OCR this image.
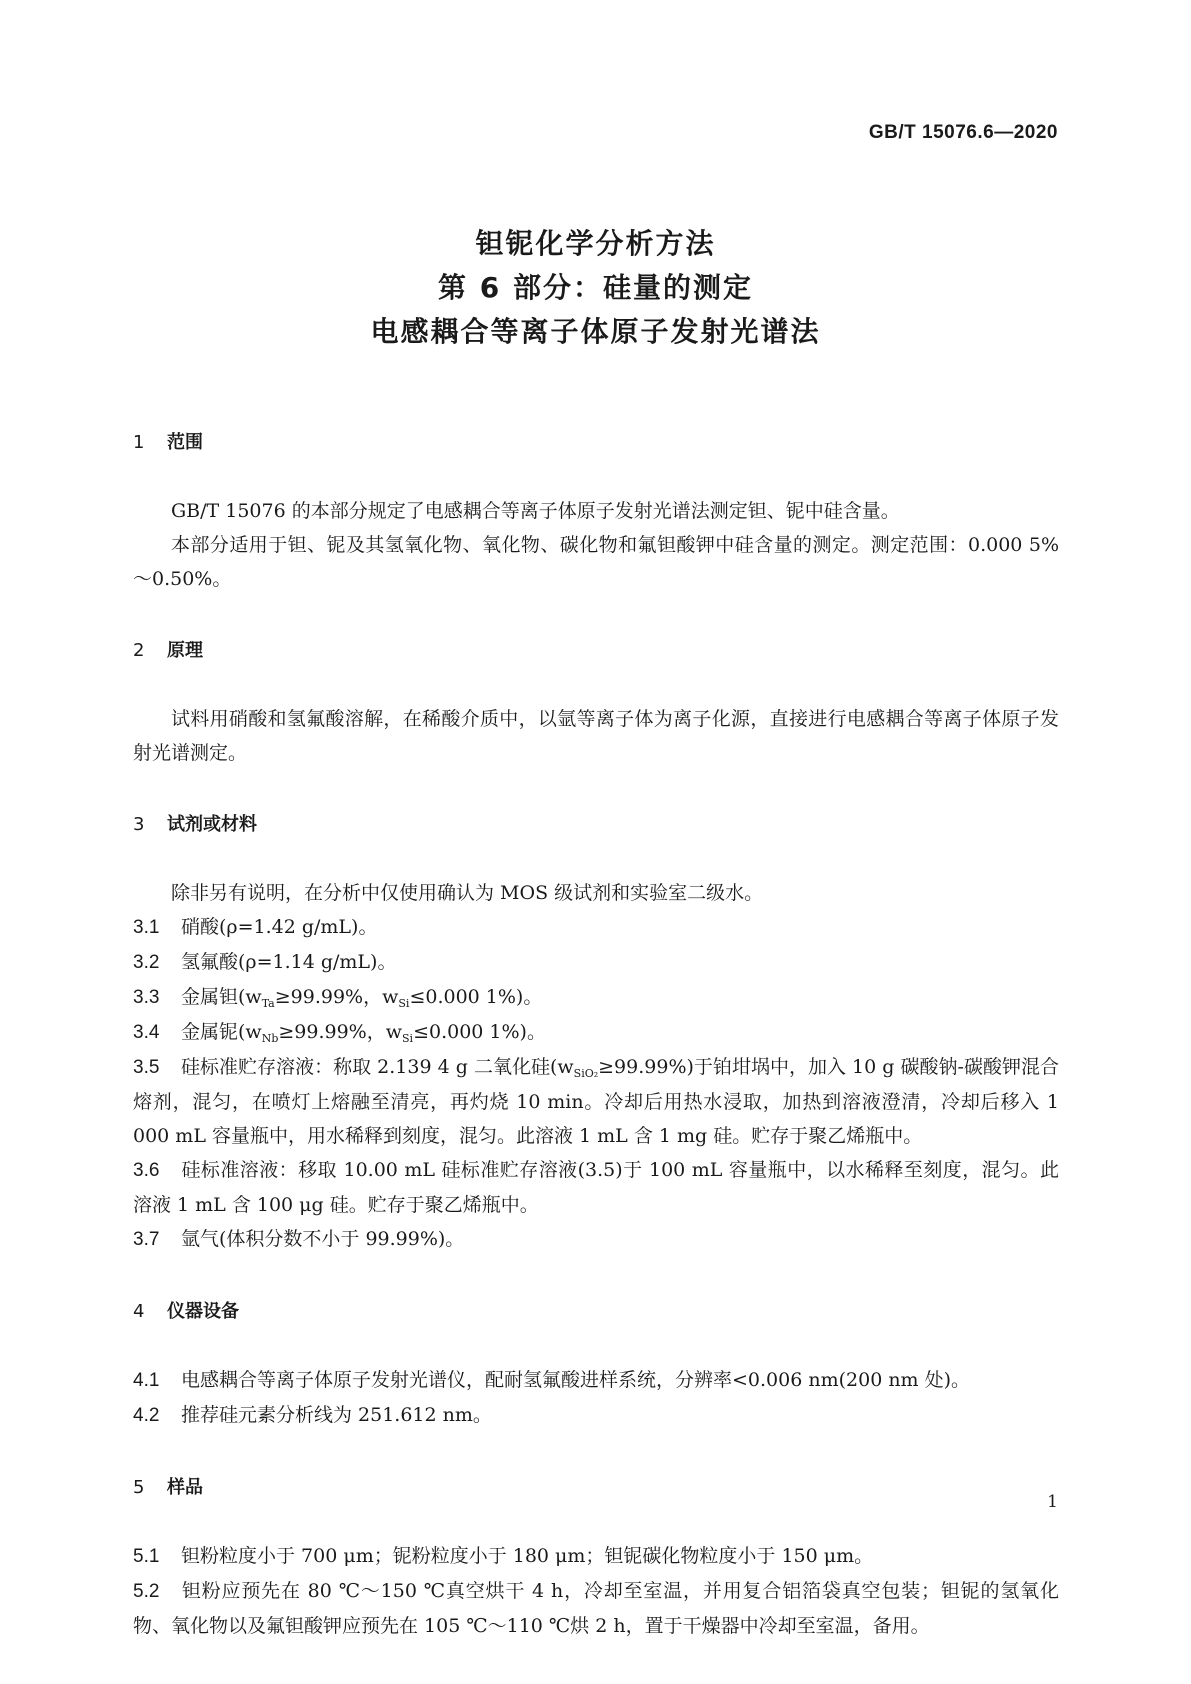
GB/T 15076.6—2020
钽铌化学分析方法
第 6 部分：硅量的测定
电感耦合等离子体原子发射光谱法
1 范围
GB/T 15076 的本部分规定了电感耦合等离子体原子发射光谱法测定钽、铌中硅含量。
本部分适用于钽、铌及其氢氧化物、氧化物、碳化物和氟钽酸钾中硅含量的测定。测定范围：0.000 5%～0.50%。
2 原理
试料用硝酸和氢氟酸溶解，在稀酸介质中，以氩等离子体为离子化源，直接进行电感耦合等离子体原子发射光谱测定。
3 试剂或材料
除非另有说明，在分析中仅使用确认为 MOS 级试剂和实验室二级水。
3.1 硝酸(ρ=1.42 g/mL)。
3.2 氢氟酸(ρ=1.14 g/mL)。
3.3 金属钽($w_{Ta}\ge 99.99\%$，$w_{Si}\le 0.000$ 1%)。
3.4 金属铌($w_{Nb}\ge 99.99\%$，$w_{Si}\le 0.000$ 1%)。
3.5 硅标准贮存溶液：称取 2.139 4 g 二氧化硅$(w_{SiO_2}\ge 99.99\%)$于铂坩埚中，加入 10 g 碳酸钠-碳酸钾混合熔剂，混匀，在喷灯上熔融至清亮，再灼烧 10 min。冷却后用热水浸取，加热到溶液澄清，冷却后移入 1 000 mL 容量瓶中，用水稀释到刻度，混匀。此溶液 1 mL 含 1 mg 硅。贮存于聚乙烯瓶中。
3.6 硅标准溶液：移取 10.00 mL 硅标准贮存溶液(3.5)于 100 mL 容量瓶中，以水稀释至刻度，混匀。此溶液 1 mL 含 100 μg 硅。贮存于聚乙烯瓶中。
3.7 氩气(体积分数不小于 99.99%)。
4 仪器设备
4.1 电感耦合等离子体原子发射光谱仪，配耐氢氟酸进样系统，分辨率<0.006 nm(200 nm 处)。
4.2 推荐硅元素分析线为 251.612 nm。
5 样品
5.1 钽粉粒度小于 700 μm；铌粉粒度小于 180 μm；钽铌碳化物粒度小于 150 μm。
5.2 钽粉应预先在 80 ℃～150 ℃真空烘干 4 h，冷却至室温，并用复合铝箔袋真空包装；钽铌的氢氧化物、氧化物以及氟钽酸钾应预先在 105 ℃～110 ℃烘 2 h，置于干燥器中冷却至室温，备用。
1
